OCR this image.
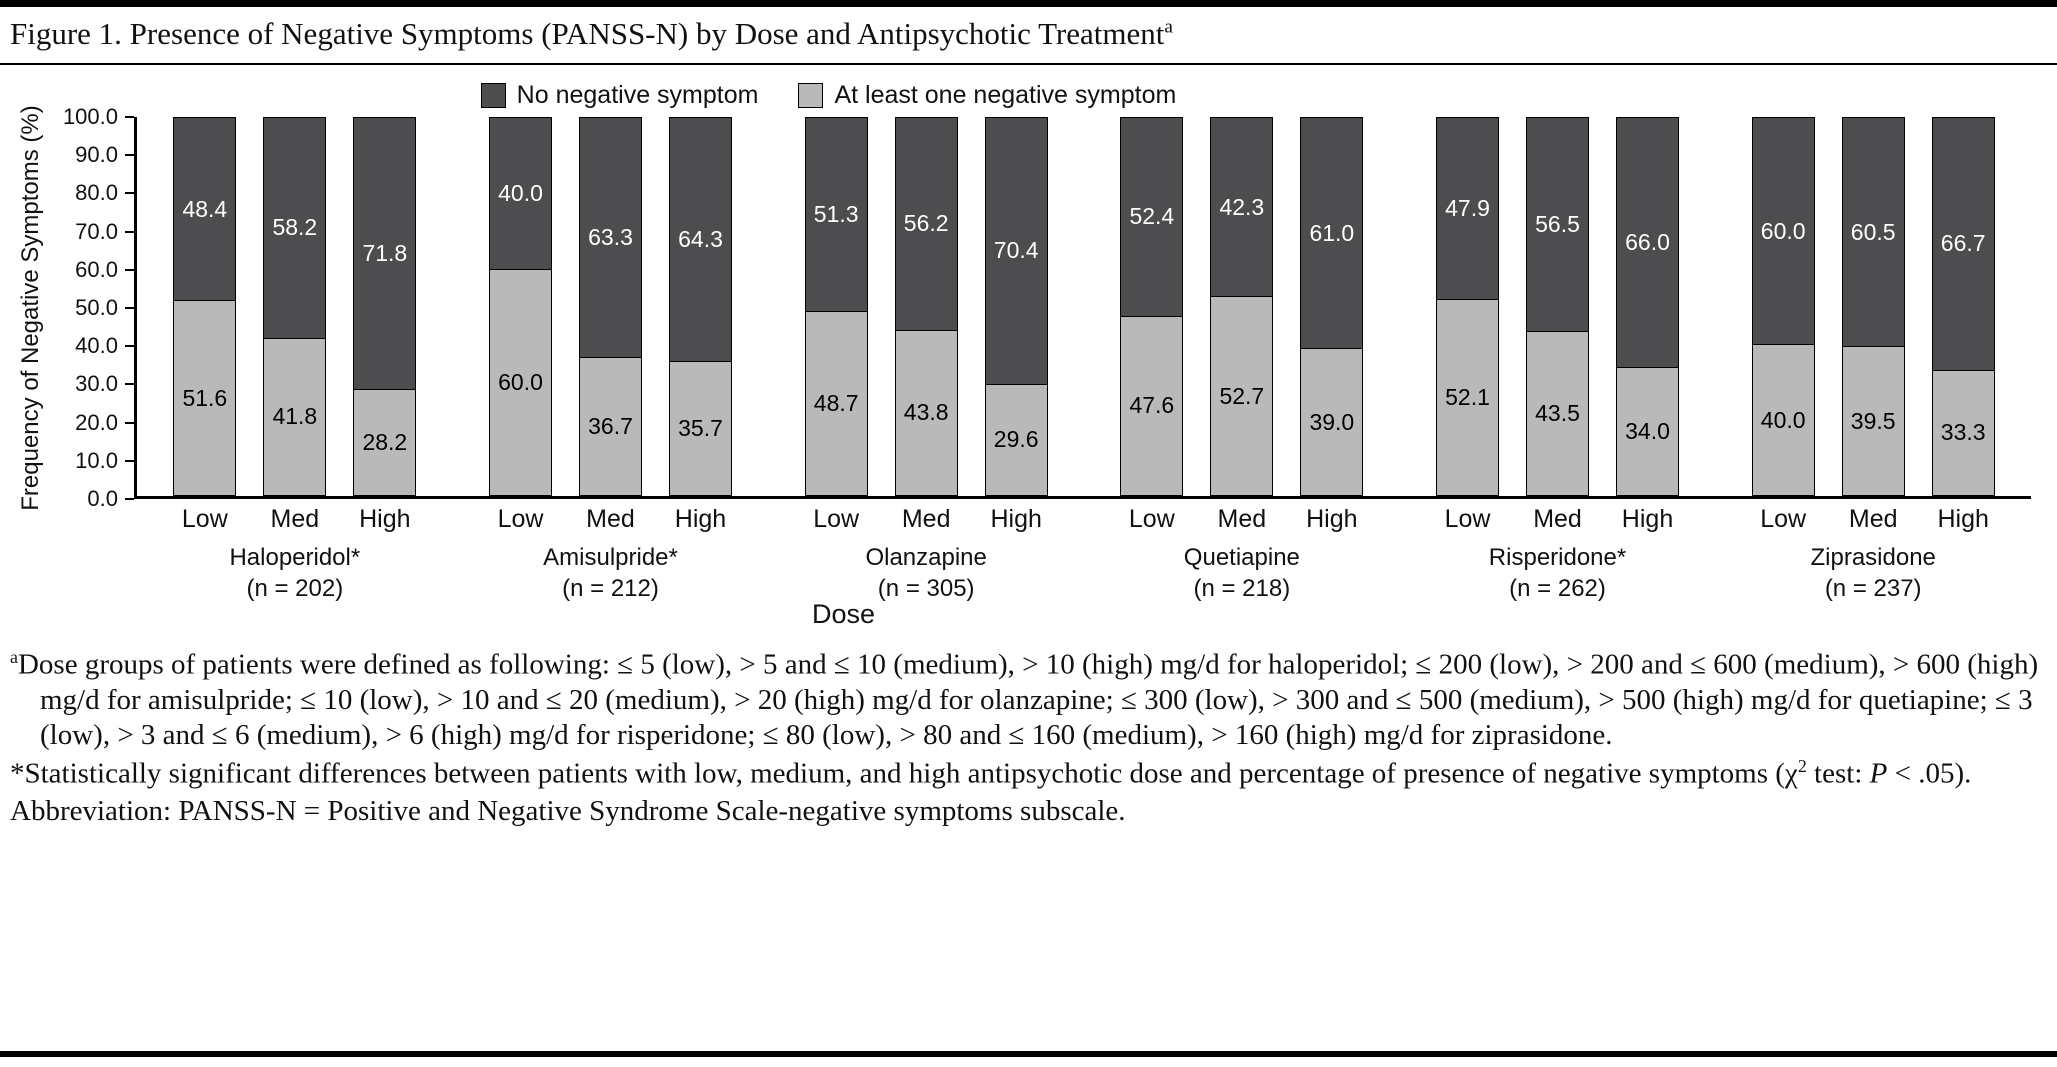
Figure 1. Presence of Negative Symptoms (PANSS-N) by Dose and Antipsychotic Treatment$^a$
No negative symptom	At least one negative symptom
Frequency of Negative Symptoms (%) 100.0
90.0
80.0
70.0
60.0
50.0
40.0
30.0
20.0
10.0
0.0
48.4
51.6
Low
58.2
41.8
Med
71.8
28.2
High
Haloperidol*
(n = 202)
40.0
60.0
Low
63.3
36.7
Med
64.3
35.7
High
Amisulpride*
(n = 212)
51.3
48.7
Low
56.2
43.8
Med
70.4
29.6
High
Olanzapine
(n = 305)
52.4
47.6
Low
42.3
52.7
Med
61.0
39.0
High
Quetiapine
(n = 218)
47.9
52.1
Low
56.5
43.5
Med
66.0
34.0
High
Risperidone*
(n = 262)
60.0
40.0
Low
60.5
39.5
Med
66.7
33.3
High
Ziprasidone
(n = 237)
Dose

$^a$Dose groups of patients were defined as following: ≤ 5 (low), > 5 and ≤ 10 (medium), > 10 (high) mg/d for haloperidol; ≤ 200 (low), > 200 and ≤ 600 (medium), > 600 (high) mg/d for amisulpride; ≤ 10 (low), > 10 and ≤ 20 (medium), > 20 (high) mg/d for olanzapine; ≤ 300 (low), > 300 and ≤ 500 (medium), > 500 (high) mg/d for quetiapine; ≤ 3 (low), > 3 and ≤ 6 (medium), > 6 (high) mg/d for risperidone; ≤ 80 (low), > 80 and ≤ 160 (medium), > 160 (high) mg/d for ziprasidone.

*Statistically significant differences between patients with low, medium, and high antipsychotic dose and percentage of presence of negative symptoms ($\chi^2$ test: P < .05).

Abbreviation: PANSS-N = Positive and Negative Syndrome Scale-negative symptoms subscale.
